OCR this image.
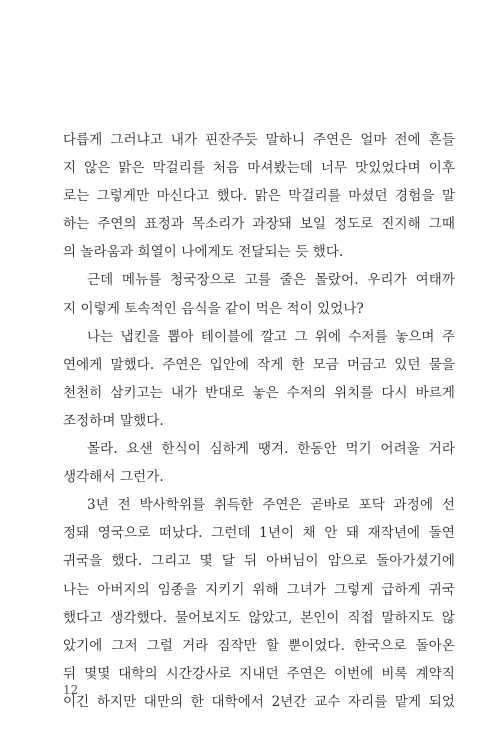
다릅게 그러냐고 내가 핀잔주듯 말하니 주연은 얼마 전에 흔들
지 않은 맑은 막걸리를 처음 마셔봤는데 너무 맛있었다며 이후
로는 그렇게만 마신다고 했다. 맑은 막걸리를 마셨던 경험을 말
하는 주연의 표정과 목소리가 과장돼 보일 정도로 진지해 그때
의 놀라움과 희열이 나에게도 전달되는 듯 했다.
근데 메뉴를 청국장으로 고를 줄은 몰랐어. 우리가 여태까
지 이렇게 토속적인 음식을 같이 먹은 적이 있었나?
나는 냅킨을 뽑아 테이블에 깔고 그 위에 수저를 놓으며 주
연에게 말했다. 주연은 입안에 작게 한 모금 머금고 있던 물을
천천히 삼키고는 내가 반대로 놓은 수저의 위치를 다시 바르게
조정하며 말했다.
몰라. 요샌 한식이 심하게 땡겨. 한동안 먹기 어려울 거라
생각해서 그런가.
3년 전 박사학위를 취득한 주연은 곧바로 포닥 과정에 선
정돼 영국으로 떠났다. 그런데 1년이 채 안 돼 재작년에 돌연
귀국을 했다. 그리고 몇 달 뒤 아버님이 암으로 돌아가셨기에
나는 아버지의 임종을 지키기 위해 그녀가 그렇게 급하게 귀국
했다고 생각했다. 물어보지도 않았고, 본인이 직접 말하지도 않
았기에 그저 그럴 거라 짐작만 할 뿐이었다. 한국으로 돌아온
뒤 몇몇 대학의 시간강사로 지내던 주연은 이번에 비록 계약직
이긴 하지만 대만의 한 대학에서 2년간 교수 자리를 맡게 되었
12
